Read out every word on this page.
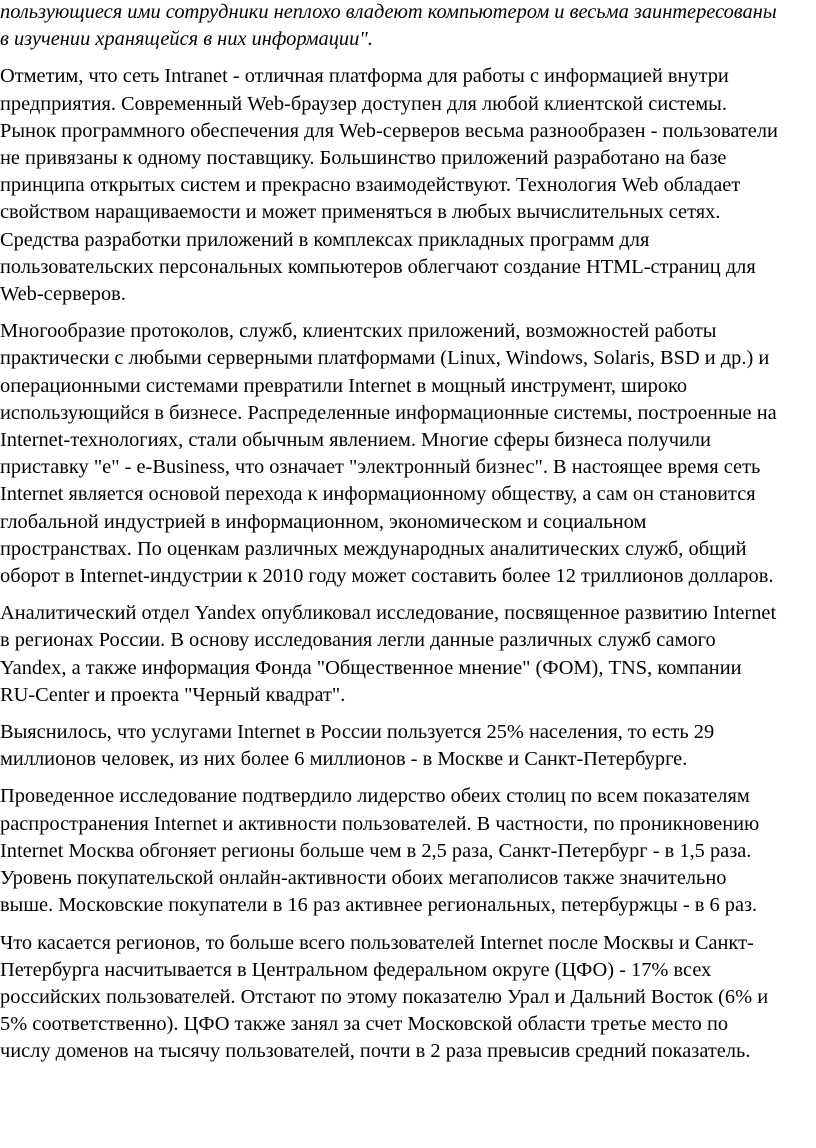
пользующиеся ими сотрудники неплохо владеют компьютером и весьма заинтересованы
в изучении хранящейся в них информации".

Отметим, что сеть Intranet - отличная платформа для работы с информацией внутри
предприятия. Современный Web-браузер доступен для любой клиентской системы.
Рынок программного обеспечения для Web-серверов весьма разнообразен - пользователи
не привязаны к одному поставщику. Большинство приложений разработано на базе
принципа открытых систем и прекрасно взаимодействуют. Технология Web обладает
свойством наращиваемости и может применяться в любых вычислительных сетях.
Средства разработки приложений в комплексах прикладных программ для
пользовательских персональных компьютеров облегчают создание HTML-страниц для
Web-серверов.

Многообразие протоколов, служб, клиентских приложений, возможностей работы
практически с любыми серверными платформами (Linux, Windows, Solaris, BSD и др.) и
операционными системами превратили Internet в мощный инструмент, широко
использующийся в бизнесе. Распределенные информационные системы, построенные на
Internet-технологиях, стали обычным явлением. Многие сферы бизнеса получили
приставку "е" - e-Business, что означает "электронный бизнес". В настоящее время сеть
Internet является основой перехода к информационному обществу, а сам он становится
глобальной индустрией в информационном, экономическом и социальном
пространствах. По оценкам различных международных аналитических служб, общий
оборот в Internet-индустрии к 2010 году может составить более 12 триллионов долларов.

Аналитический отдел Yandex опубликовал исследование, посвященное развитию Internet
в регионах России. В основу исследования легли данные различных служб самого
Yandex, а также информация Фонда "Общественное мнение" (ФОМ), TNS, компании
RU-Center и проекта "Черный квадрат".

Выяснилось, что услугами Internet в России пользуется 25% населения, то есть 29
миллионов человек, из них более 6 миллионов - в Москве и Санкт-Петербурге.

Проведенное исследование подтвердило лидерство обеих столиц по всем показателям
распространения Internet и активности пользователей. В частности, по проникновению
Internet Москва обгоняет регионы больше чем в 2,5 раза, Санкт-Петербург - в 1,5 раза.
Уровень покупательской онлайн-активности обоих мегаполисов также значительно
выше. Московские покупатели в 16 раз активнее региональных, петербуржцы - в 6 раз.

Что касается регионов, то больше всего пользователей Internet после Москвы и Санкт-
Петербурга насчитывается в Центральном федеральном округе (ЦФО) - 17% всех
российских пользователей. Отстают по этому показателю Урал и Дальний Восток (6% и
5% соответственно). ЦФО также занял за счет Московской области третье место по
числу доменов на тысячу пользователей, почти в 2 раза превысив средний показатель.
